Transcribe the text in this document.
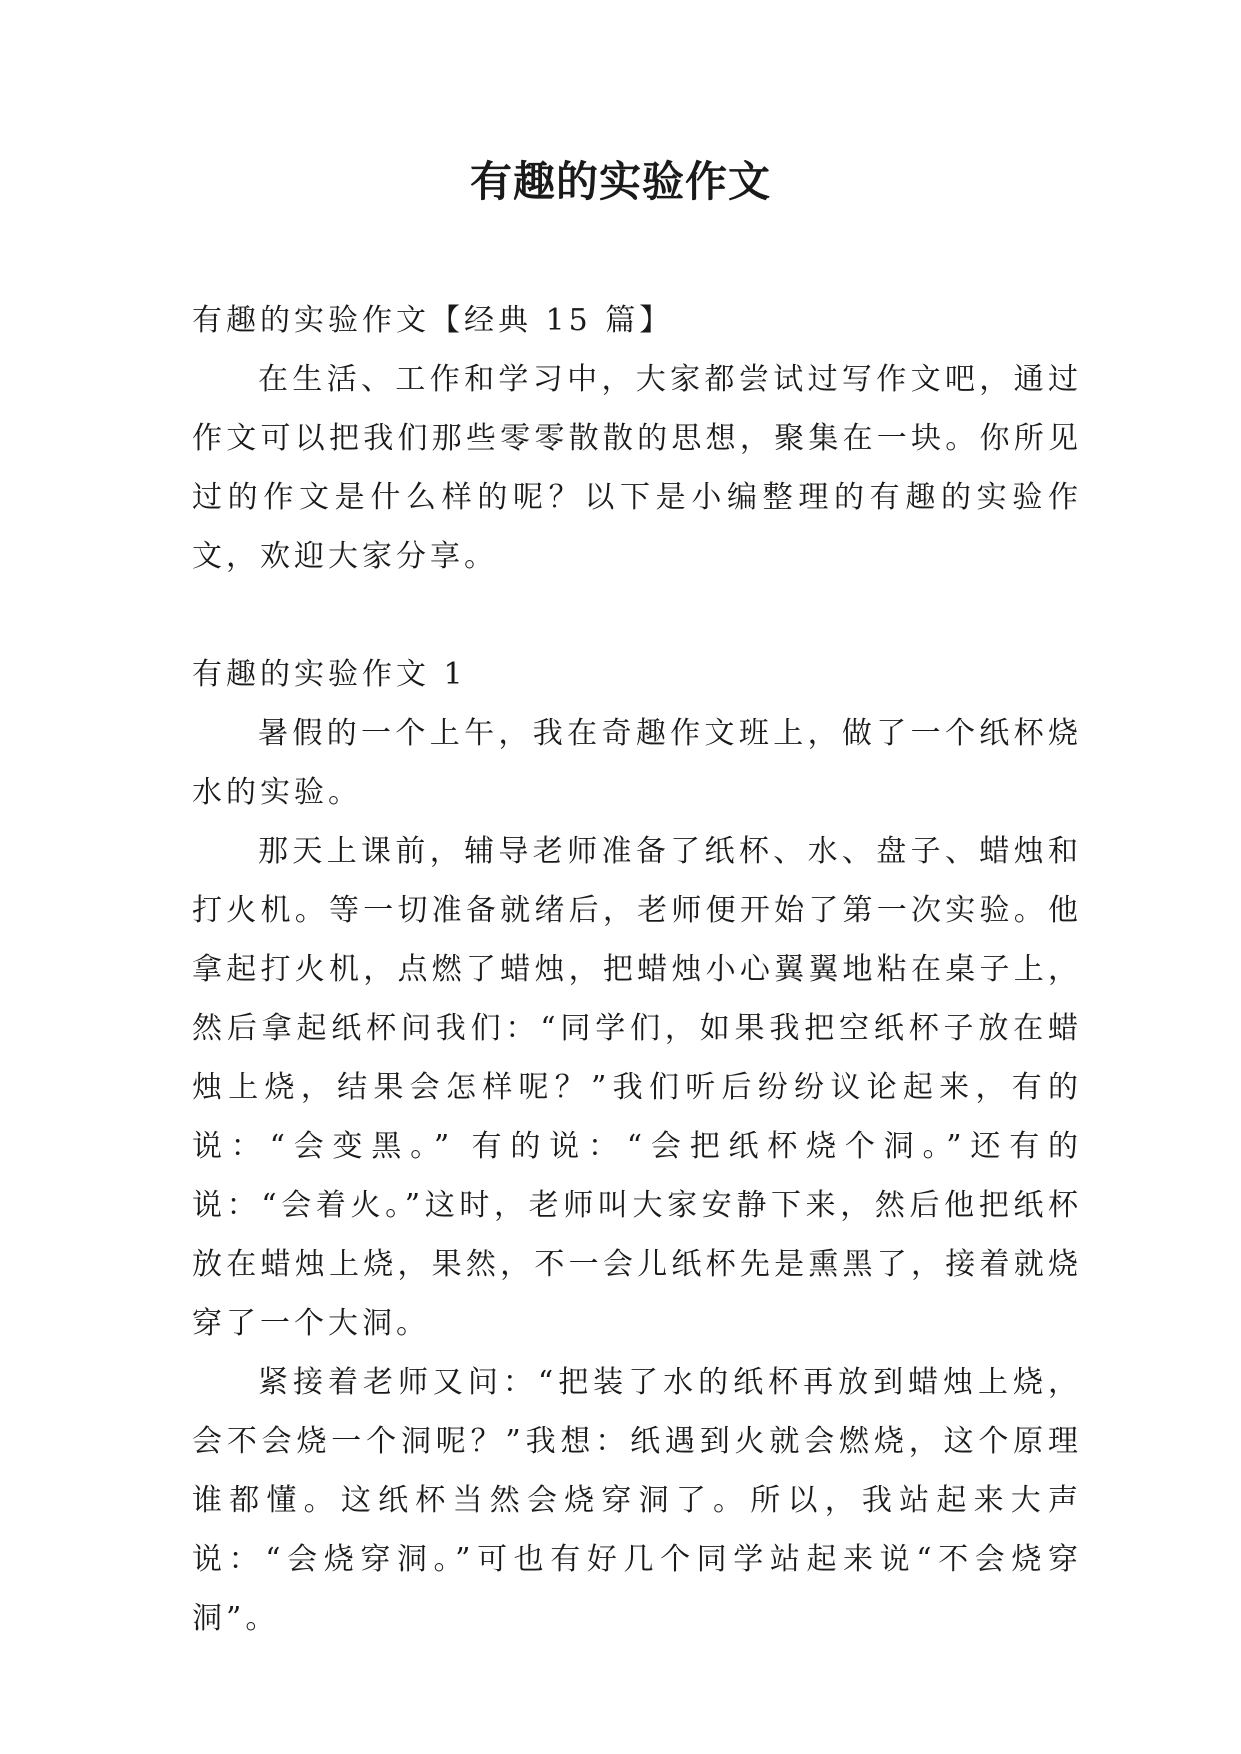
有趣的实验作文

有趣的实验作文【经典 15 篇】

在生活、工作和学习中，大家都尝试过写作文吧，通过作文可以把我们那些零零散散的思想，聚集在一块。你所见过的作文是什么样的呢？以下是小编整理的有趣的实验作文，欢迎大家分享。

有趣的实验作文 1

暑假的一个上午，我在奇趣作文班上，做了一个纸杯烧水的实验。

那天上课前，辅导老师准备了纸杯、水、盘子、蜡烛和打火机。等一切准备就绪后，老师便开始了第一次实验。他拿起打火机，点燃了蜡烛，把蜡烛小心翼翼地粘在桌子上，然后拿起纸杯问我们：“同学们，如果我把空纸杯子放在蜡烛上烧，结果会怎样呢？”我们听后纷纷议论起来，有的说：“会变黑。” 有的说：“会把纸杯烧个洞。”还有的说：“会着火。”这时，老师叫大家安静下来，然后他把纸杯放在蜡烛上烧，果然，不一会儿纸杯先是熏黑了，接着就烧穿了一个大洞。

紧接着老师又问：“把装了水的纸杯再放到蜡烛上烧，会不会烧一个洞呢？”我想：纸遇到火就会燃烧，这个原理谁都懂。这纸杯当然会烧穿洞了。所以，我站起来大声说：“会烧穿洞。”可也有好几个同学站起来说“不会烧穿洞”。
